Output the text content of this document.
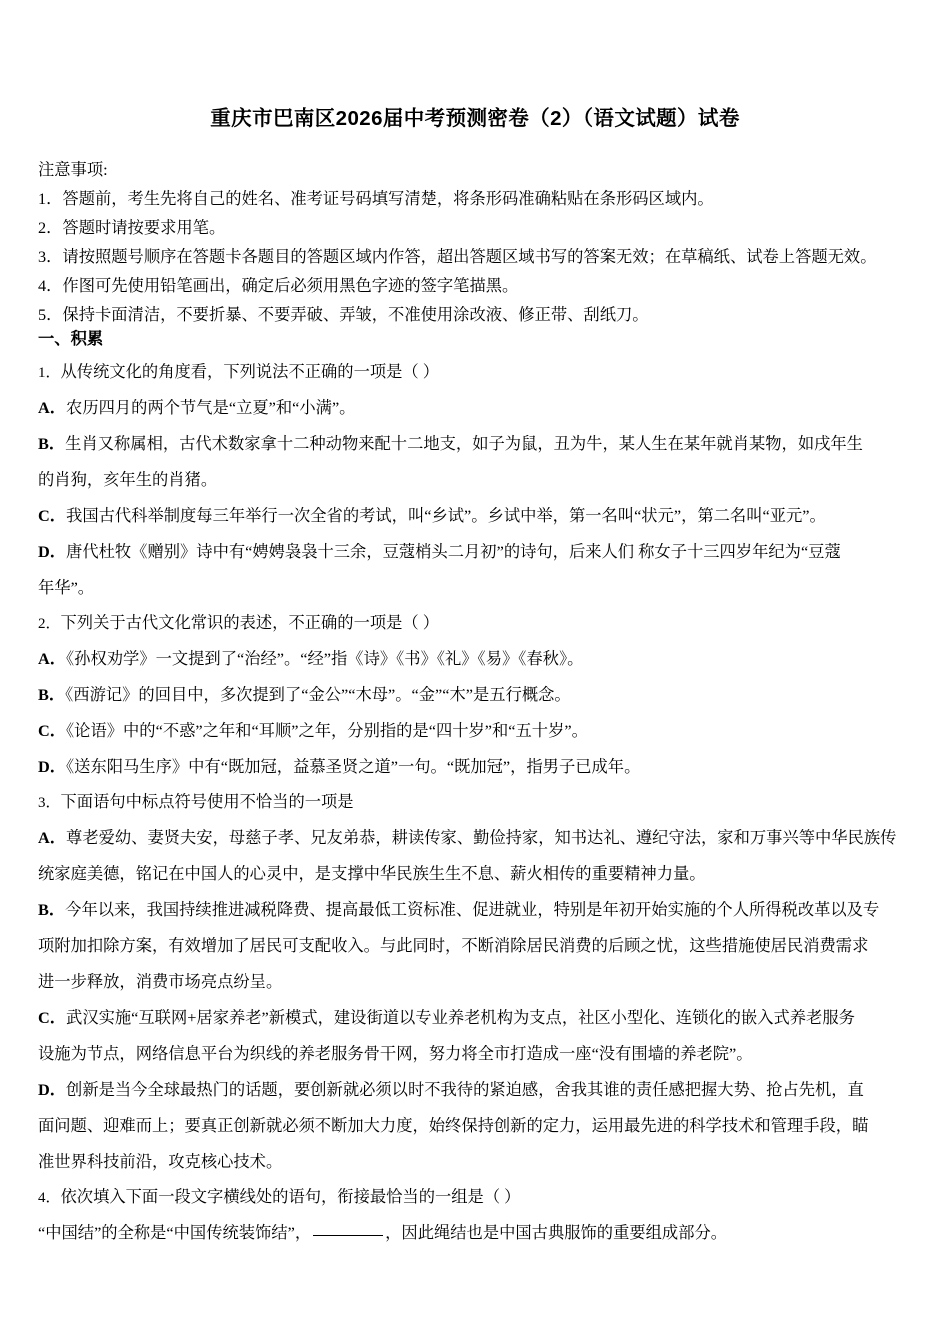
重庆市巴南区2026届中考预测密卷（2）（语文试题）试卷

注意事项:

1．答题前，考生先将自己的姓名、准考证号码填写清楚，将条形码准确粘贴在条形码区域内。

2．答题时请按要求用笔。

3．请按照题号顺序在答题卡各题目的答题区域内作答，超出答题区域书写的答案无效；在草稿纸、试卷上答题无效。

4．作图可先使用铅笔画出，确定后必须用黑色字迹的签字笔描黑。

5．保持卡面清洁，不要折暴、不要弄破、弄皱，不准使用涂改液、修正带、刮纸刀。

一、积累

1．从传统文化的角度看，下列说法不正确的一项是（ ）

A．农历四月的两个节气是“立夏”和“小满”。

B．生肖又称属相，古代术数家拿十二种动物来配十二地支，如子为鼠，丑为牛，某人生在某年就肖某物，如戌年生

的肖狗，亥年生的肖猪。

C．我国古代科举制度每三年举行一次全省的考试，叫“乡试”。乡试中举，第一名叫“状元”，第二名叫“亚元”。

D．唐代杜牧《赠别》诗中有“娉娉袅袅十三余，豆蔻梢头二月初”的诗句，后来人们 称女子十三四岁年纪为“豆蔻

年华”。

2．下列关于古代文化常识的表述，不正确的一项是（ ）

A．《孙权劝学》一文提到了“治经”。“经”指《诗》《书》《礼》《易》《春秋》。

B．《西游记》的回目中，多次提到了“金公”“木母”。“金”“木”是五行概念。

C．《论语》中的“不惑”之年和“耳顺”之年，分别指的是“四十岁”和“五十岁”。

D．《送东阳马生序》中有“既加冠，益慕圣贤之道”一句。“既加冠”，指男子已成年。

3．下面语句中标点符号使用不恰当的一项是

A．尊老爱幼、妻贤夫安，母慈子孝、兄友弟恭，耕读传家、勤俭持家，知书达礼、遵纪守法，家和万事兴等中华民族传

统家庭美德，铭记在中国人的心灵中，是支撑中华民族生生不息、薪火相传的重要精神力量。

B．今年以来，我国持续推进减税降费、提高最低工资标准、促进就业，特别是年初开始实施的个人所得税改革以及专

项附加扣除方案，有效增加了居民可支配收入。与此同时，不断消除居民消费的后顾之忧，这些措施使居民消费需求

进一步释放，消费市场亮点纷呈。

C．武汉实施“互联网+居家养老”新模式，建设街道以专业养老机构为支点，社区小型化、连锁化的嵌入式养老服务

设施为节点，网络信息平台为织线的养老服务骨干网，努力将全市打造成一座“没有围墙的养老院”。

D．创新是当今全球最热门的话题，要创新就必须以时不我待的紧迫感，舍我其谁的责任感把握大势、抢占先机，直

面问题、迎难而上；要真正创新就必须不断加大力度，始终保持创新的定力，运用最先进的科学技术和管理手段，瞄

准世界科技前沿，攻克核心技术。

4．依次填入下面一段文字横线处的语句，衔接最恰当的一组是（ ）

“中国结”的全称是“中国传统装饰结”，	，因此绳结也是中国古典服饰的重要组成部分。
